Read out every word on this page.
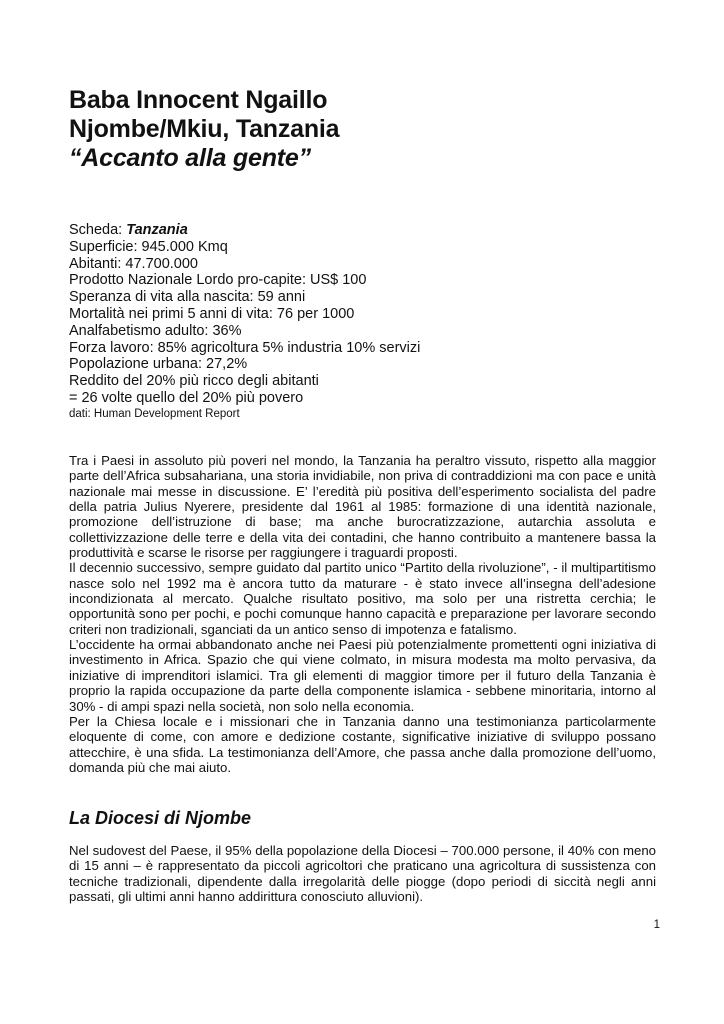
Baba Innocent Ngaillo
Njombe/Mkiu, Tanzania
“Accanto alla gente”
Scheda: Tanzania
Superficie: 945.000 Kmq
Abitanti: 47.700.000
Prodotto Nazionale Lordo pro-capite: US$ 100
Speranza di vita alla nascita: 59 anni
Mortalità nei primi 5 anni di vita: 76 per 1000
Analfabetismo adulto: 36%
Forza lavoro: 85% agricoltura 5% industria 10% servizi
Popolazione urbana: 27,2%
Reddito del 20% più ricco degli abitanti
= 26 volte quello del 20% più povero
dati: Human Development Report

Tra i Paesi in assoluto più poveri nel mondo, la Tanzania ha peraltro vissuto, rispetto alla maggior parte dell’Africa subsahariana, una storia invidiabile, non priva di contraddizioni ma con pace e unità nazionale mai messe in discussione. E’ l’eredità più positiva dell’esperimento socialista del padre della patria Julius Nyerere, presidente dal 1961 al 1985: formazione di una identità nazionale, promozione dell’istruzione di base; ma anche burocratizzazione, autarchia assoluta e collettivizzazione delle terre e della vita dei contadini, che hanno contribuito a mantenere bassa la produttività e scarse le risorse per raggiungere i traguardi proposti.

Il decennio successivo, sempre guidato dal partito unico “Partito della rivoluzione”, - il multipartitismo nasce solo nel 1992 ma è ancora tutto da maturare - è stato invece all’insegna dell’adesione incondizionata al mercato. Qualche risultato positivo, ma solo per una ristretta cerchia; le opportunità sono per pochi, e pochi comunque hanno capacità e preparazione per lavorare secondo criteri non tradizionali, sganciati da un antico senso di impotenza e fatalismo.

L’occidente ha ormai abbandonato anche nei Paesi più potenzialmente promettenti ogni iniziativa di investimento in Africa. Spazio che qui viene colmato, in misura modesta ma molto pervasiva, da iniziative di imprenditori islamici. Tra gli elementi di maggior timore per il futuro della Tanzania è proprio la rapida occupazione da parte della componente islamica - sebbene minoritaria, intorno al 30% - di ampi spazi nella società, non solo nella economia.

Per la Chiesa locale e i missionari che in Tanzania danno una testimonianza particolarmente eloquente di come, con amore e dedizione costante, significative iniziative di sviluppo possano attecchire, è una sfida. La testimonianza dell’Amore, che passa anche dalla promozione dell’uomo, domanda più che mai aiuto.

La Diocesi di Njombe

Nel sudovest del Paese, il 95% della popolazione della Diocesi – 700.000 persone, il 40% con meno di 15 anni – è rappresentato da piccoli agricoltori che praticano una agricoltura di sussistenza con tecniche tradizionali, dipendente dalla irregolarità delle piogge (dopo periodi di siccità negli anni passati, gli ultimi anni hanno addirittura conosciuto alluvioni).

1
